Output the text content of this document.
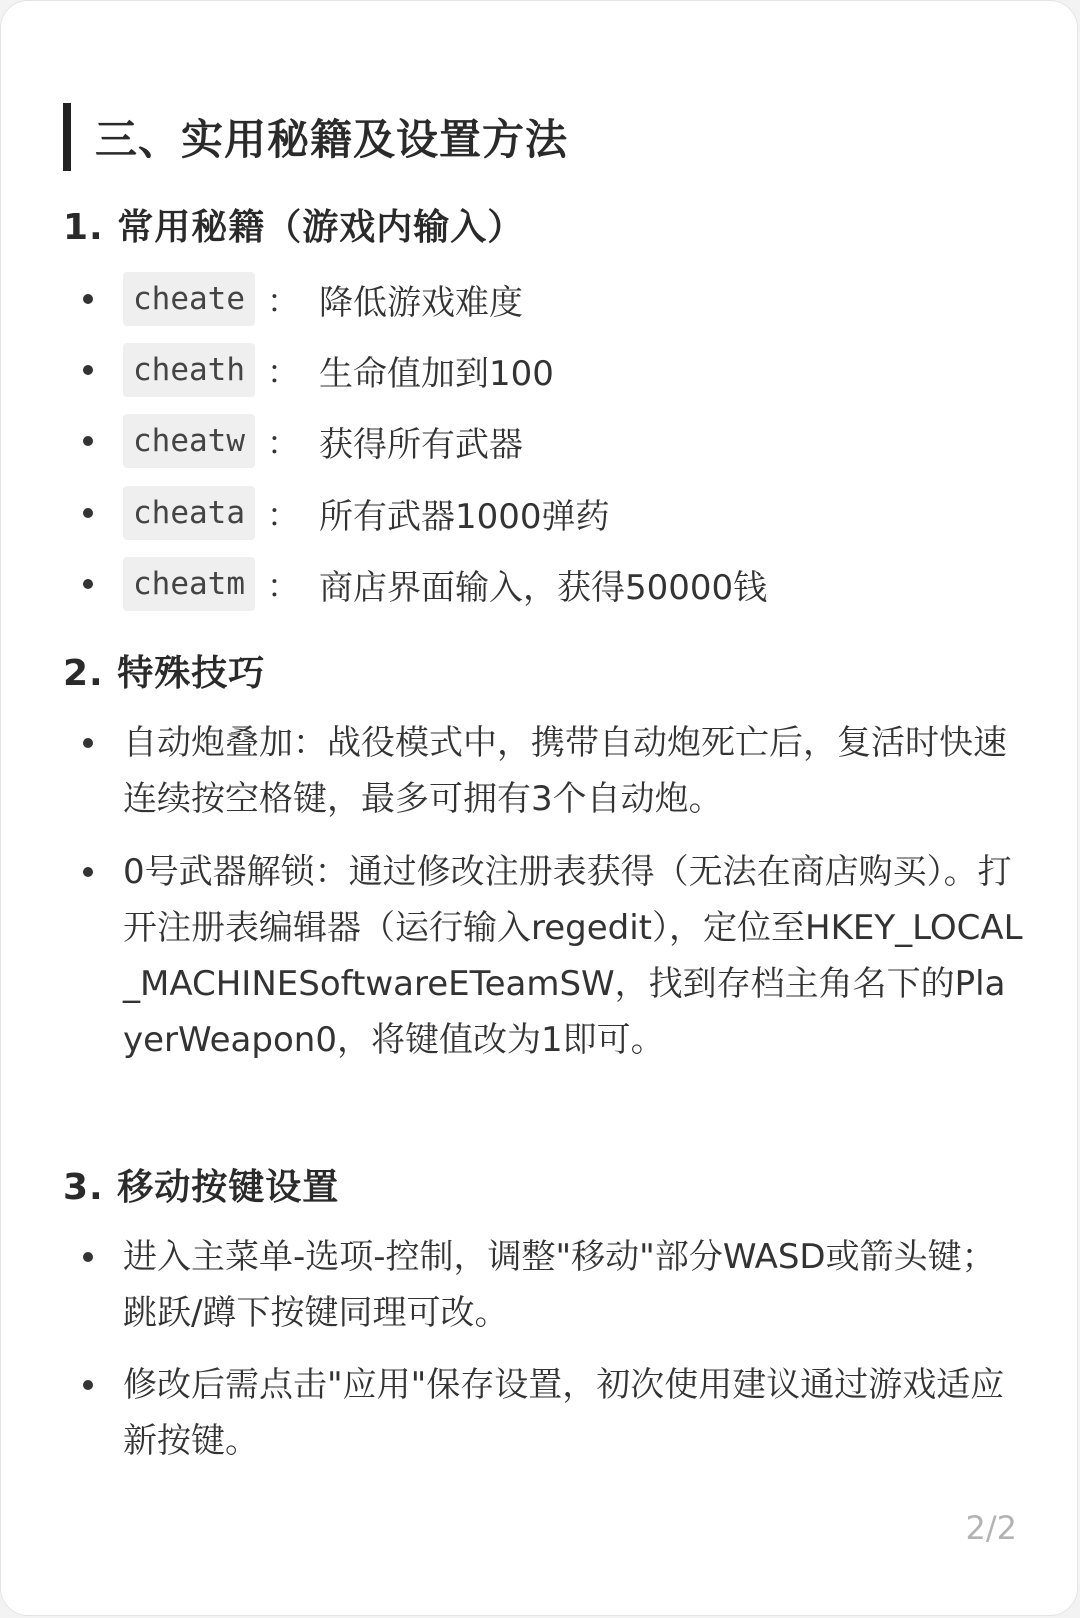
三、实用秘籍及设置方法
1. 常用秘籍（游戏内输入）
cheate ： 降低游戏难度
cheath ： 生命值加到100
cheatw ： 获得所有武器
cheata ： 所有武器1000弹药
cheatm ： 商店界面输入，获得50000钱
2. 特殊技巧
自动炮叠加：战役模式中，携带自动炮死亡后，复活时快速连续按空格键，最多可拥有3个自动炮。
0号武器解锁：通过修改注册表获得（无法在商店购买）。打开注册表编辑器（运行输入regedit），定位至HKEY_LOCAL_MACHINESoftwareETeamSW，找到存档主角名下的PlayerWeapon0，将键值改为1即可。
3. 移动按键设置
进入主菜单-选项-控制，调整"移动"部分WASD或箭头键；跳跃/蹲下按键同理可改。
修改后需点击"应用"保存设置，初次使用建议通过游戏适应新按键。
2/2
